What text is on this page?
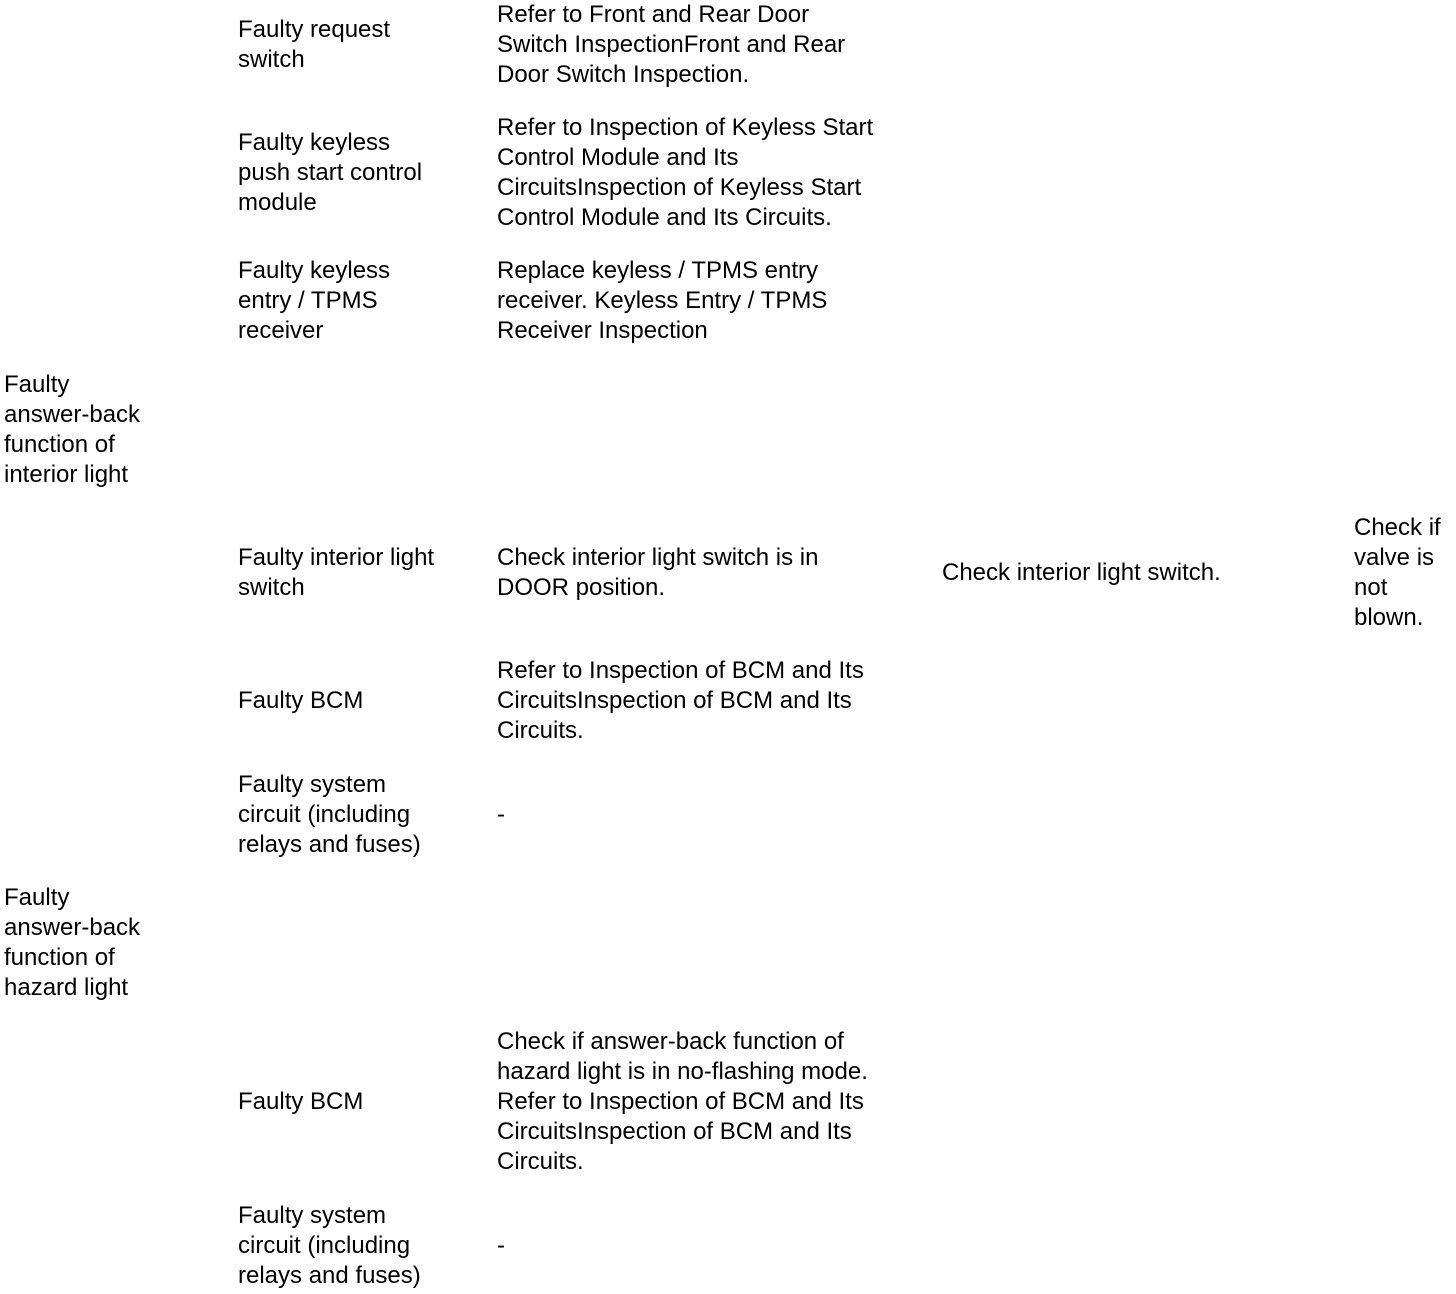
Faulty request
switch
Refer to Front and Rear Door
Switch InspectionFront and Rear
Door Switch Inspection.
Faulty keyless
push start control
module
Refer to Inspection of Keyless Start
Control Module and Its
CircuitsInspection of Keyless Start
Control Module and Its Circuits.
Faulty keyless
entry / TPMS
receiver
Replace keyless / TPMS entry
receiver. Keyless Entry / TPMS
Receiver Inspection
Faulty
answer-back
function of
interior light
Faulty interior light
switch
Check interior light switch is in
DOOR position.
Check interior light switch.
Check if
valve is
not
blown.
Faulty BCM
Refer to Inspection of BCM and Its
CircuitsInspection of BCM and Its
Circuits.
Faulty system
circuit (including
relays and fuses)
-
Faulty
answer-back
function of
hazard light
Faulty BCM
Check if answer-back function of
hazard light is in no-flashing mode.
Refer to Inspection of BCM and Its
CircuitsInspection of BCM and Its
Circuits.
Faulty system
circuit (including
relays and fuses)
-
